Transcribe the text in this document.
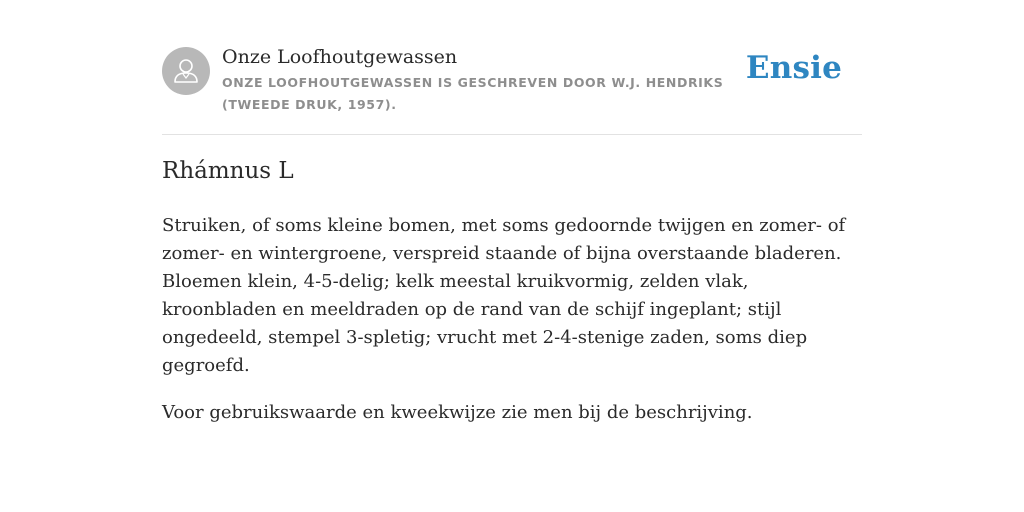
Onze Loofhoutgewassen

ONZE LOOFHOUTGEWASSEN IS GESCHREVEN DOOR W.J. HENDRIKS (TWEEDE DRUK, 1957).

Ensie
Rhámnus L

Struiken, of soms kleine bomen, met soms gedoornde twijgen en zomer- of zomer- en wintergroene, verspreid staande of bijna overstaande bladeren. Bloemen klein, 4-5-delig; kelk meestal kruikvormig, zelden vlak, kroonbladen en meeldraden op de rand van de schijf ingeplant; stijl ongedeeld, stempel 3-spletig; vrucht met 2-4-stenige zaden, soms diep gegroefd.

Voor gebruikswaarde en kweekwijze zie men bij de beschrijving.
